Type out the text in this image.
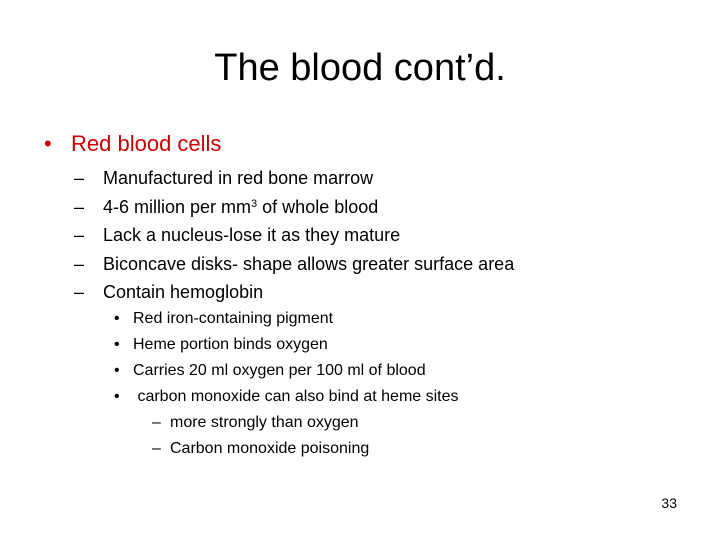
The blood cont’d.
• Red blood cells
– Manufactured in red bone marrow
– 4-6 million per $mm^3$ of whole blood
– Lack a nucleus-lose it as they mature
– Biconcave disks- shape allows greater surface area
– Contain hemoglobin
• Red iron-containing pigment
• Heme portion binds oxygen
• Carries 20 ml oxygen per 100 ml of blood
• carbon monoxide can also bind at heme sites
– more strongly than oxygen
– Carbon monoxide poisoning
33
